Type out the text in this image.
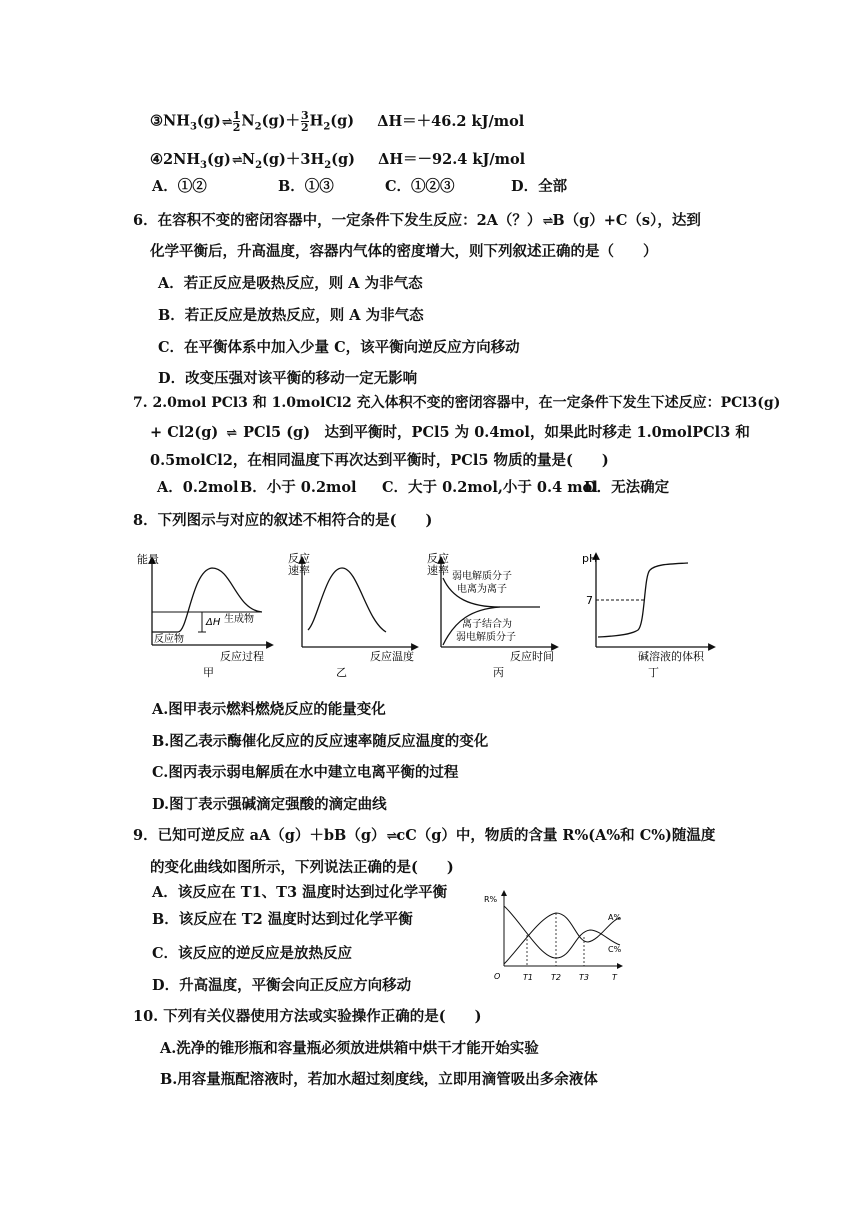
$③NH_3(g)\rightleftharpoons \frac{1}{2} N_2(g)+ \frac{3}{2} H_2(g)$ ΔH＝＋46.2 kJ/mol
$④2NH_3(g)\rightleftharpoons N_2(g)+3H_2(g)$ ΔH＝－92.4 kJ/mol
A．①②	B．①③	C．①②③	D．全部
6．在容积不变的密闭容器中，一定条件下发生反应：2A（？）⇌B（g）+C（s），达到
化学平衡后，升高温度，容器内气体的密度增大，则下列叙述正确的是（　　）
A．若正反应是吸热反应，则 A 为非气态
B．若正反应是放热反应，则 A 为非气态
C．在平衡体系中加入少量 C，该平衡向逆反应方向移动
D．改变压强对该平衡的移动一定无影响
7. 2.0mol PCl3 和 1.0molCl2 充入体积不变的密闭容器中，在一定条件下发生下述反应：PCl3(g)
+ Cl2(g) ⇌ PCl5 (g)　达到平衡时，PCl5 为 0.4mol，如果此时移走 1.0molPCl3 和
0.5molCl2，在相同温度下再次达到平衡时，PCl5 物质的量是(　　)
A．0.2mol B．小于 0.2mol C．大于 0.2mol,小于 0.4 mol
D．无法确定
8．下列图示与对应的叙述不相符合的是(　　)
能量
ΔH 生成物
反应物
反应过程
甲
反应速率
反应温度
乙
反应速率 弱电解质分子
电离为离子
离子结合为
弱电解质分子
反应时间
丙
pH
7
碱溶液的体积
丁
R%
O	T1 T2 T3	T
A%
C%
A.图甲表示燃料燃烧反应的能量变化
B.图乙表示酶催化反应的反应速率随反应温度的变化
C.图丙表示弱电解质在水中建立电离平衡的过程
D.图丁表示强碱滴定强酸的滴定曲线
9．已知可逆反应 aA（g）＋bB（g）⇌cC（g）中，物质的含量 R%(A%和 C%)随温度
的变化曲线如图所示，下列说法正确的是(　　)
A．该反应在 T1、T3 温度时达到过化学平衡
B．该反应在 T2 温度时达到过化学平衡
C．该反应的逆反应是放热反应
D．升高温度，平衡会向正反应方向移动
10. 下列有关仪器使用方法或实验操作正确的是(　　)
A.洗净的锥形瓶和容量瓶必须放进烘箱中烘干才能开始实验
B.用容量瓶配溶液时，若加水超过刻度线，立即用滴管吸出多余液体
